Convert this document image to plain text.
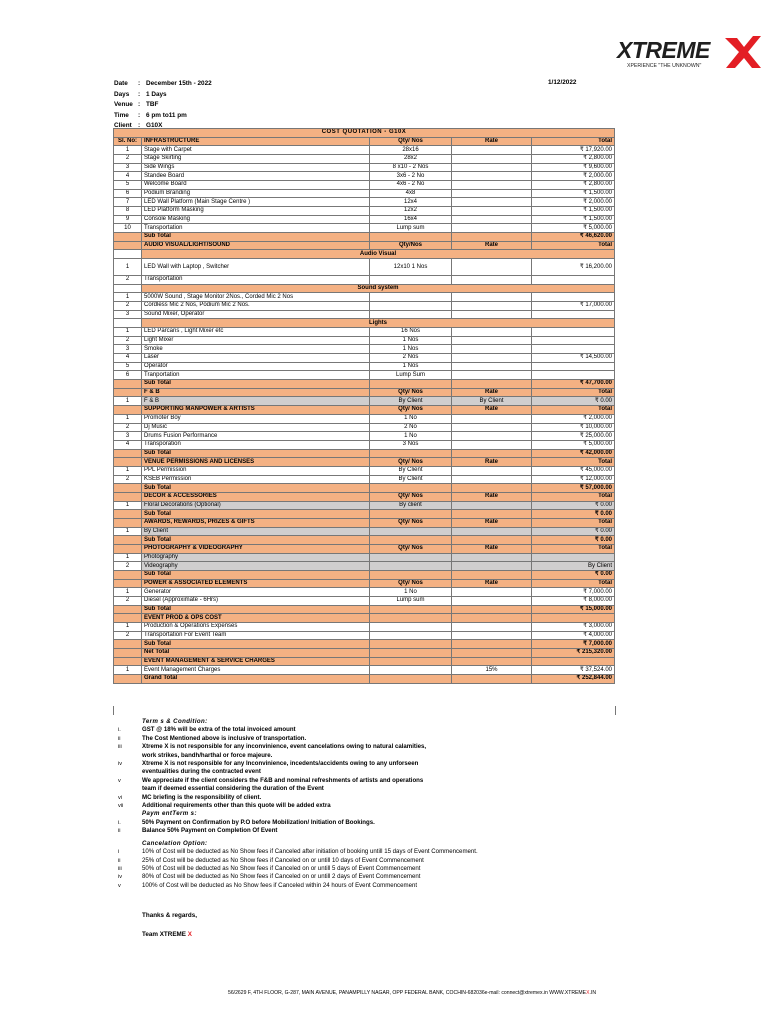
XTREME
XPERIENCE "THE UNKNOWN"
Date : December 15th - 2022
Days : 1 Days
Venue : TBF
Time : 6 pm to11 pm
Client : G10X
1/12/2022
COST QUOTATION - G10X				
Sl. No:	INFRASTRUCTURE	Qty/ Nos	Rate	Total
1	Stage with Carpet	28x16		₹ 17,920.00
2	Stage Skirting	28x2		₹ 2,800.00
3	Side Wings	8 x10 - 2 Nos		₹ 9,600.00
4	Standee Board	3x6 - 2 No		₹ 2,000.00
5	Welcome Board	4x6 - 2 No		₹ 2,800.00
6	Podium Branding	4x8		₹ 1,500.00
7	LED Wall Platform (Main Stage Centre )	12x4		₹ 2,000.00
8	LED Platform Masking	12x2		₹ 1,500.00
9	Console Masking	16x4		₹ 1,500.00
10	Transportation	Lump sum		₹ 5,000.00
	Sub Total			₹ 46,620.00
	AUDIO VISUAL/LIGHT/SOUND	Qty/Nos	Rate	Total
	Audio Visual			
1	LED Wall with Laptop , Switcher	12x10 1 Nos		₹ 16,200.00
2	Transportation			
	Sound system			
1	5000W Sound , Stage Monitor 2Nos., Corded Mic 2 Nos			
2	Cordless Mic 2 Nos, Podium Mic 2 Nos.			₹ 17,000.00
3	Sound Mixer, Operator			
	Lights			
1	LED Parcans , Light Mixer etc	16 Nos		
2	Light Mixer	1 Nos		
3	Smoke	1 Nos		
4	Laser	2 Nos		₹ 14,500.00
5	Operator	1 Nos		
6	Tranportation	Lump Sum		
	Sub Total			₹ 47,700.00
	F & B	Qty/ Nos	Rate	Total
1	F & B	By Client	By Client	₹ 0.00
	SUPPORTING MANPOWER & ARTISTS	Qty/ Nos	Rate	Total
1	Promoter Boy	1 No		₹ 2,000.00
2	Dj Music	2 No		₹ 10,000.00
3	Drums Fusion Performance	1 No		₹ 25,000.00
4	Transporation	3 Nos		₹ 5,000.00
	Sub Total			₹ 42,000.00
	VENUE PERMISSIONS AND LICENSES	Qty/ Nos	Rate	Total
1	PPL Permission	By Client		₹ 45,000.00
2	KSEB Permission	By Client		₹ 12,000.00
	Sub Total			₹ 57,000.00
	DÉCOR & ACCESSORIES	Qty/ Nos	Rate	Total
1	Floral Decorations (Optional)	By client		₹ 0.00
	Sub Total			₹ 0.00
	AWARDS, REWARDS, PRIZES & GIFTS	Qty/ Nos	Rate	Total
1	By Client			₹ 0.00
	Sub Total			₹ 0.00
	PHOTOGRAPHY & VIDEOGRAPHY	Qty/ Nos	Rate	Total
1	Photography			
2	Videography			By Client
	Sub Total			₹ 0.00
	POWER & ASSOCIATED ELEMENTS	Qty/ Nos	Rate	Total
1	Generator	1 No		₹ 7,000.00
2	Diesel (Approximate - 6Hrs)	Lump sum		₹ 8,000.00
	Sub Total			₹ 15,000.00
	EVENT PROD & OPS COST			
1	Production & Operations Expenses			₹ 3,000.00
2	Transportation For Event Team			₹ 4,000.00
	Sub Total			₹ 7,000.00
	Net Total			₹ 215,320.00
	EVENT MANAGEMENT & SERVICE CHARGES			
1	Event Management Charges		15%	₹ 37,524.00
	Grand Total			₹ 252,844.00
Term s & Condition:
i.	GST @ 18% will be extra of the total invoiced amount
ii	The Cost Mentioned above is inclusive of transportation.
iii	Xtreme X is not responsible for any inconvinience, event cancelations owing to natural calamities,
work strikes, bandh/harthal or force majeure.
iv	Xtreme X is not responsible for any Inconvinience, incedents/accidents owing to any unforseen
eventualities during the contracted event
v	We appreciate if the client considers the F&B and nominal refreshments of artists and operations
team if deemed essential considering the duration of the Event
vi	MC briefing is the responsibility of client.
vii	Additional requirements other than this quote will be added extra
Paym entTerm s:
i.	50% Payment on Confirmation by P.O before Mobilization/ Initiation of Bookings.
ii	Balance 50% Payment on Completion Of Event
Cancelation Option:
i	10% of Cost will be deducted as No Show fees if Canceled after initiation of booking untill 15 days of Event Commencement.
ii	25% of Cost will be deducted as No Show fees if Canceled on or untill 10 days of Event Commencement
iii	50% of Cost will be deducted as No Show fees if Canceled on or untill 5 days of Event Commencement
iv	80% of Cost will be deducted as No Show fees if Canceled on or untill 2 days of Event Commencement
v	100% of Cost will be deducted as No Show fees if Canceled within 24 hours of Event Commencement
Thanks & regards,
Team XTREME X
56/2629 F, 4TH FLOOR, G-287, MAIN AVENUE, PANAMPILLY NAGAR, OPP FEDERAL BANK, COCHIN-682036e-mail: connect@xtremex.in WWW.XTREMEX.IN
